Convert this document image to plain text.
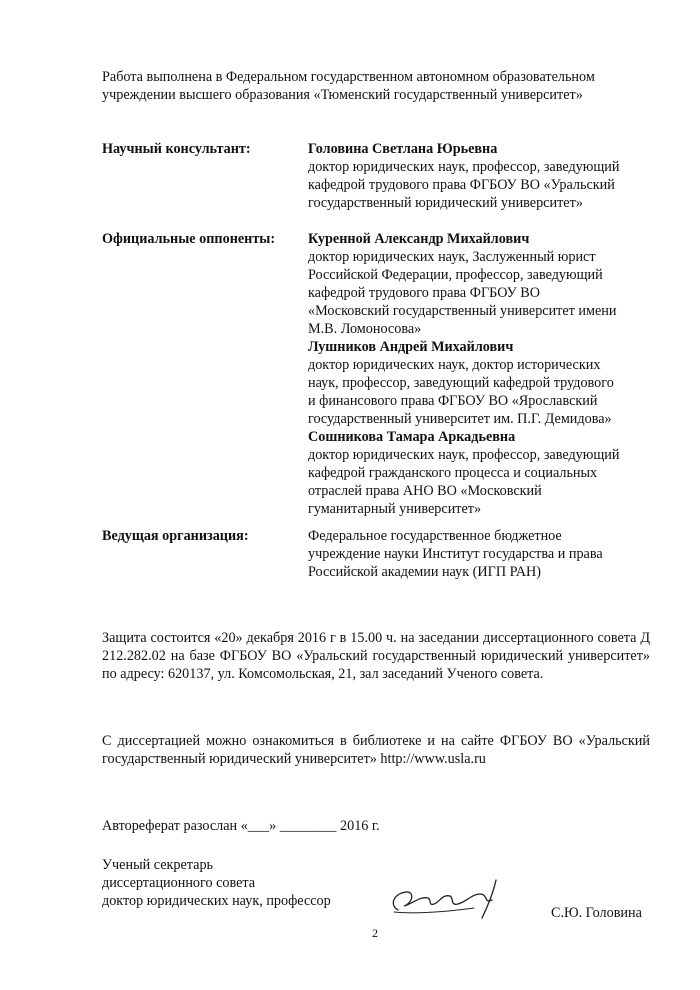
Работа выполнена в Федеральном государственном автономном образовательном
учреждении высшего образования «Тюменский государственный университет»
Научный консультант:	Головина Светлана Юрьевна
доктор юридических наук, профессор, заведующий
кафедрой трудового права ФГБОУ ВО «Уральский
государственный юридический университет»
Официальные оппоненты: Куренной Александр Михайлович
доктор юридических наук, Заслуженный юрист
Российской Федерации, профессор, заведующий
кафедрой трудового права ФГБОУ ВО
«Московский государственный университет имени
М.В. Ломоносова»
Лушников Андрей Михайлович
доктор юридических наук, доктор исторических
наук, профессор, заведующий кафедрой трудового
и финансового права ФГБОУ ВО «Ярославский
государственный университет им. П.Г. Демидова»
Сошникова Тамара Аркадьевна
доктор юридических наук, профессор, заведующий
кафедрой гражданского процесса и социальных
отраслей права АНО ВО «Московский
гуманитарный университет»
Ведущая организация:	Федеральное государственное бюджетное
учреждение науки Институт государства и права
Российской академии наук (ИГП РАН)
Защита состоится «20» декабря 2016 г в 15.00 ч. на заседании диссертационного совета Д 212.282.02 на базе ФГБОУ ВО «Уральский государственный юридический университет» по адресу: 620137, ул. Комсомольская, 21, зал заседаний Ученого совета.
С диссертацией можно ознакомиться в библиотеке и на сайте ФГБОУ ВО «Уральский государственный юридический университет» http://www.usla.ru
Автореферат разослан «___» ________ 2016 г.
Ученый секретарь
диссертационного совета
доктор юридических наук, профессор
С.Ю. Головина
2
